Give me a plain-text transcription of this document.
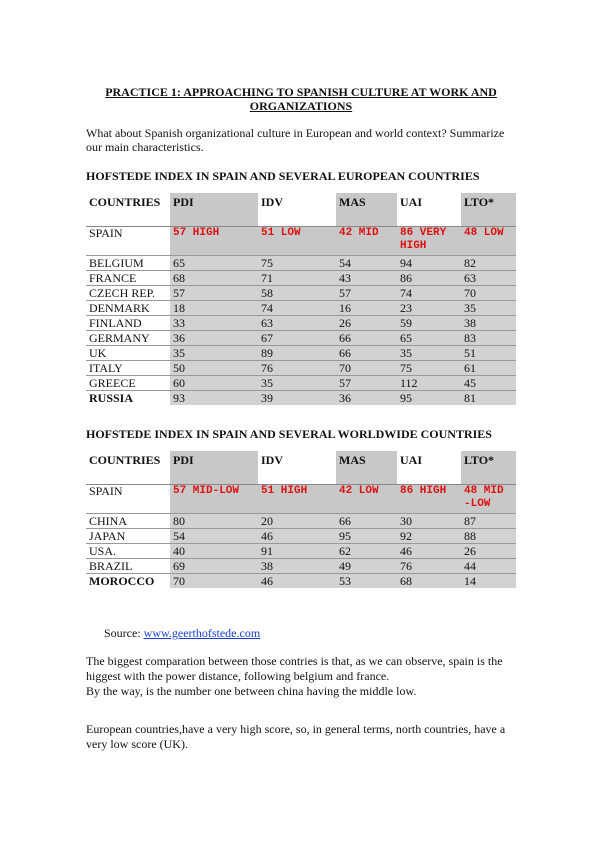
PRACTICE 1: APPROACHING TO SPANISH CULTURE AT WORK AND ORGANIZATIONS
What about Spanish organizational culture in European and world context? Summarize our main characteristics.
HOFSTEDE INDEX IN SPAIN AND SEVERAL EUROPEAN COUNTRIES
COUNTRIES	PDI	IDV	MAS	UAI	LTO*
SPAIN	57 HIGH	51 LOW	42 MID	86 VERY HIGH	48 LOW
BELGIUM	65	75	54	94	82
FRANCE	68	71	43	86	63
CZECH REP.	57	58	57	74	70
DENMARK	18	74	16	23	35
FINLAND	33	63	26	59	38
GERMANY	36	67	66	65	83
UK	35	89	66	35	51
ITALY	50	76	70	75	61
GREECE	60	35	57	112	45
RUSSIA	93	39	36	95	81
HOFSTEDE INDEX IN SPAIN AND SEVERAL WORLDWIDE COUNTRIES
COUNTRIES	PDI	IDV	MAS	UAI	LTO*
SPAIN	57 MID-LOW	51 HIGH	42 LOW	86 HIGH	48 MID -LOW
CHINA	80	20	66	30	87
JAPAN	54	46	95	92	88
USA.	40	91	62	46	26
BRAZIL	69	38	49	76	44
MOROCCO	70	46	53	68	14
Source: www.geerthofstede.com
The biggest comparation between those contries is that, as we can observe, spain is the higgest with the power distance, following belgium and france.
By the way, is the number one between china having the middle low.
European countries,have a very high score, so, in general terms, north countries, have a very low score (UK).
